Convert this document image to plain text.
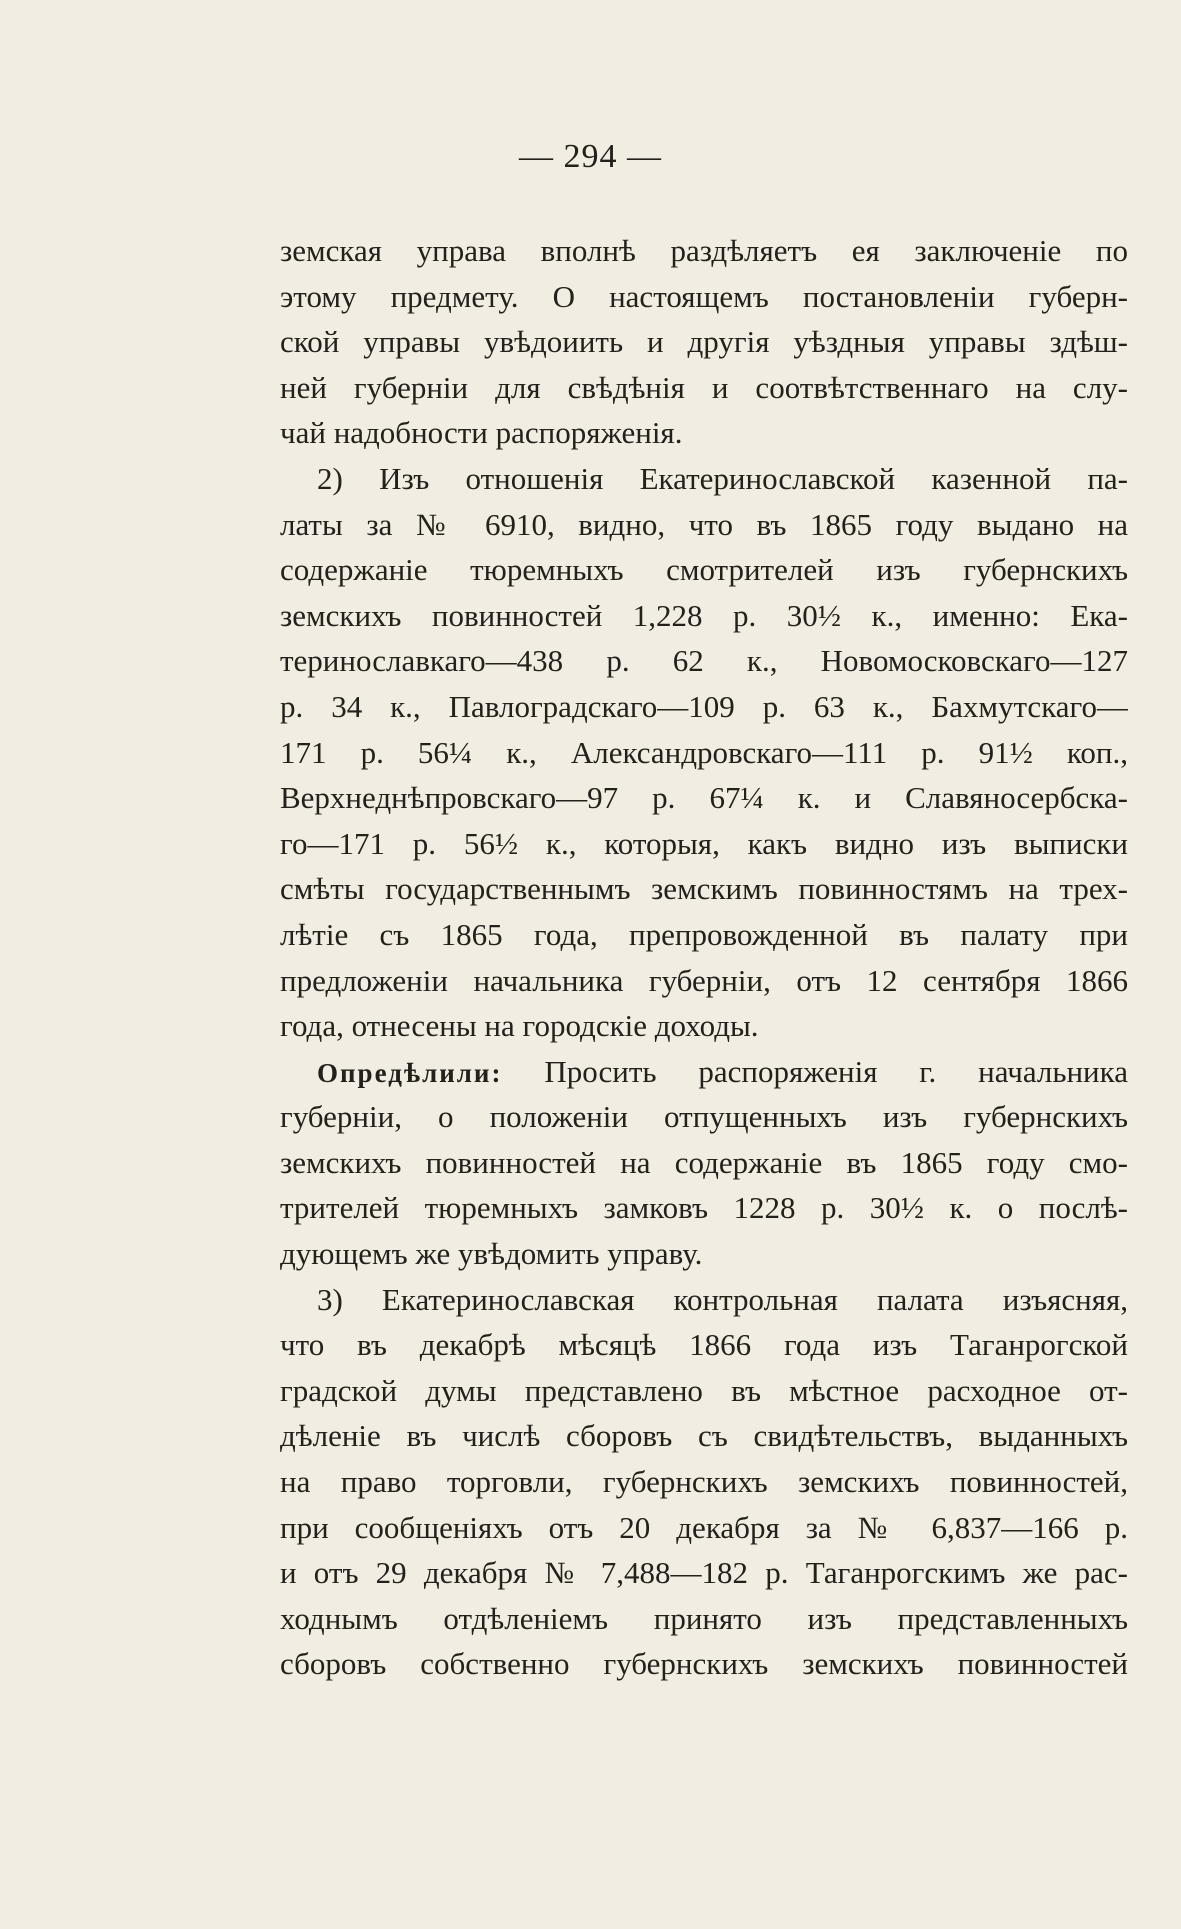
— 294 —
земская управа вполнѣ раздѣляетъ ея заключеніе по
этому предмету. О настоящемъ постановленіи губерн-
ской управы увѣдоиить и другія уѣздныя управы здѣш-
ней губерніи для свѣдѣнія и соотвѣтственнаго на слу-
чай надобности распоряженія.
2) Изъ отношенія Екатеринославской казенной па-
латы за № 6910, видно, что въ 1865 году выдано на
содержаніе тюремныхъ смотрителей изъ губернскихъ
земскихъ повинностей 1,228 р. 30½ к., именно: Ека-
теринославкаго—438 р. 62 к., Новомосковскаго—127
р. 34 к., Павлоградскаго—109 р. 63 к., Бахмутскаго—
171 р. 56¼ к., Александровскаго—111 р. 91½ коп.,
Верхнеднѣпровскаго—97 р. 67¼ к. и Славяносербска-
го—171 р. 56½ к., которыя, какъ видно изъ выписки
смѣты государственнымъ земскимъ повинностямъ на трех-
лѣтіе съ 1865 года, препровожденной въ палату при
предложеніи начальника губерніи, отъ 12 сентября 1866
года, отнесены на городскіе доходы.
Опредѣлили: Просить распоряженія г. начальника
губерніи, о положеніи отпущенныхъ изъ губернскихъ
земскихъ повинностей на содержаніе въ 1865 году смо-
трителей тюремныхъ замковъ 1228 р. 30½ к. о послѣ-
дующемъ же увѣдомить управу.
3) Екатеринославская контрольная палата изъясняя,
что въ декабрѣ мѣсяцѣ 1866 года изъ Таганрогской
градской думы представлено въ мѣстное расходное от-
дѣленіе въ числѣ сборовъ съ свидѣтельствъ, выданныхъ
на право торговли, губернскихъ земскихъ повинностей,
при сообщеніяхъ отъ 20 декабря за № 6,837—166 р.
и отъ 29 декабря № 7,488—182 р. Таганрогскимъ же рас-
ходнымъ отдѣленіемъ принято изъ представленныхъ
сборовъ собственно губернскихъ земскихъ повинностей
